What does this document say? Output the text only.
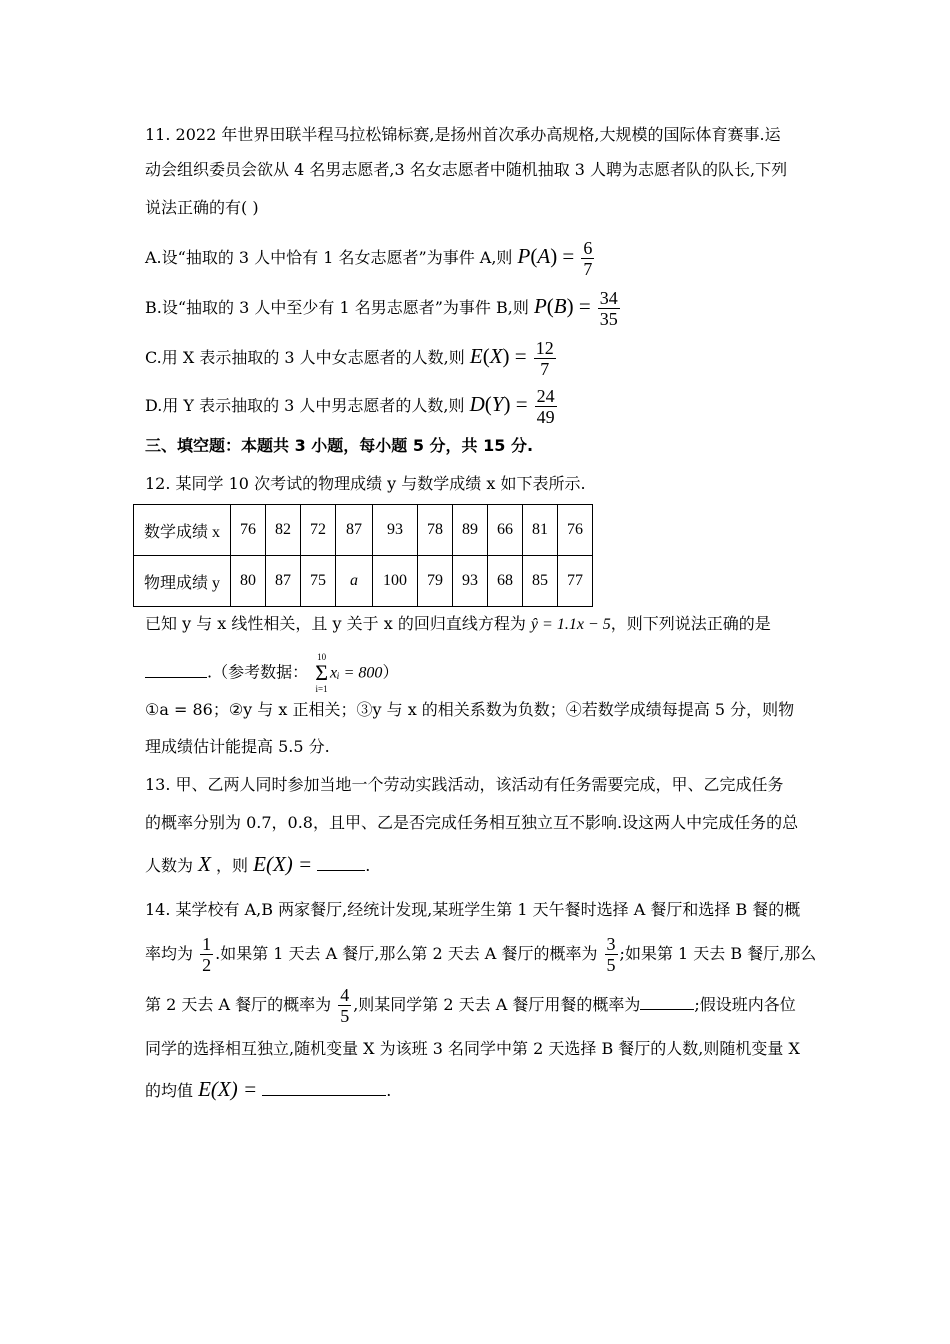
11. 2022 年世界田联半程马拉松锦标赛,是扬州首次承办高规格,大规模的国际体育赛事.运
动会组织委员会欲从 4 名男志愿者,3 名女志愿者中随机抽取 3 人聘为志愿者队的队长,下列
说法正确的有( )
A.设“抽取的 3 人中恰有 1 名女志愿者”为事件 A,则 $P(A) = \frac{6}{7}$
B.设“抽取的 3 人中至少有 1 名男志愿者”为事件 B,则 $P(B) = \frac{34}{35}$
C.用 X 表示抽取的 3 人中女志愿者的人数,则 $E(X) = \frac{12}{7}$
D.用 Y 表示抽取的 3 人中男志愿者的人数,则 $D(Y) = \frac{24}{49}$
三、填空题：本题共 3 小题，每小题 5 分，共 15 分.
12. 某同学 10 次考试的物理成绩 y 与数学成绩 x 如下表所示.
数学成绩 x	76	82	72	87	93	78	89	66	81	76
物理成绩 y	80	87	75	a	100	79	93	68	85	77
已知 y 与 x 线性相关，且 y 关于 x 的回归直线方程为 ŷ = 1.1x − 5，则下列说法正确的是
.（参考数据：
10
Σ
i=1
xᵢ = 800）
①a = 86；②y 与 x 正相关；③y 与 x 的相关系数为负数；④若数学成绩每提高 5 分，则物
理成绩估计能提高 5.5 分.
13. 甲、乙两人同时参加当地一个劳动实践活动，该活动有任务需要完成，甲、乙完成任务
的概率分别为 0.7，0.8，且甲、乙是否完成任务相互独立互不影响.设这两人中完成任务的总
人数为 X ，则 E(X) =	.
14. 某学校有 A,B 两家餐厅,经统计发现,某班学生第 1 天午餐时选择 A 餐厅和选择 B 餐的概
率均为 $\frac{1}{2}$ .如果第 1 天去 A 餐厅,那么第 2 天去 A 餐厅的概率为 $\frac{3}{5}$ ;如果第 1 天去 B 餐厅,那么
第 2 天去 A 餐厅的概率为 $\frac{4}{5}$ ,则某同学第 2 天去 A 餐厅用餐的概率为	;假设班内各位
同学的选择相互独立,随机变量 X 为该班 3 名同学中第 2 天选择 B 餐厅的人数,则随机变量 X
的均值 E(X) =	.
